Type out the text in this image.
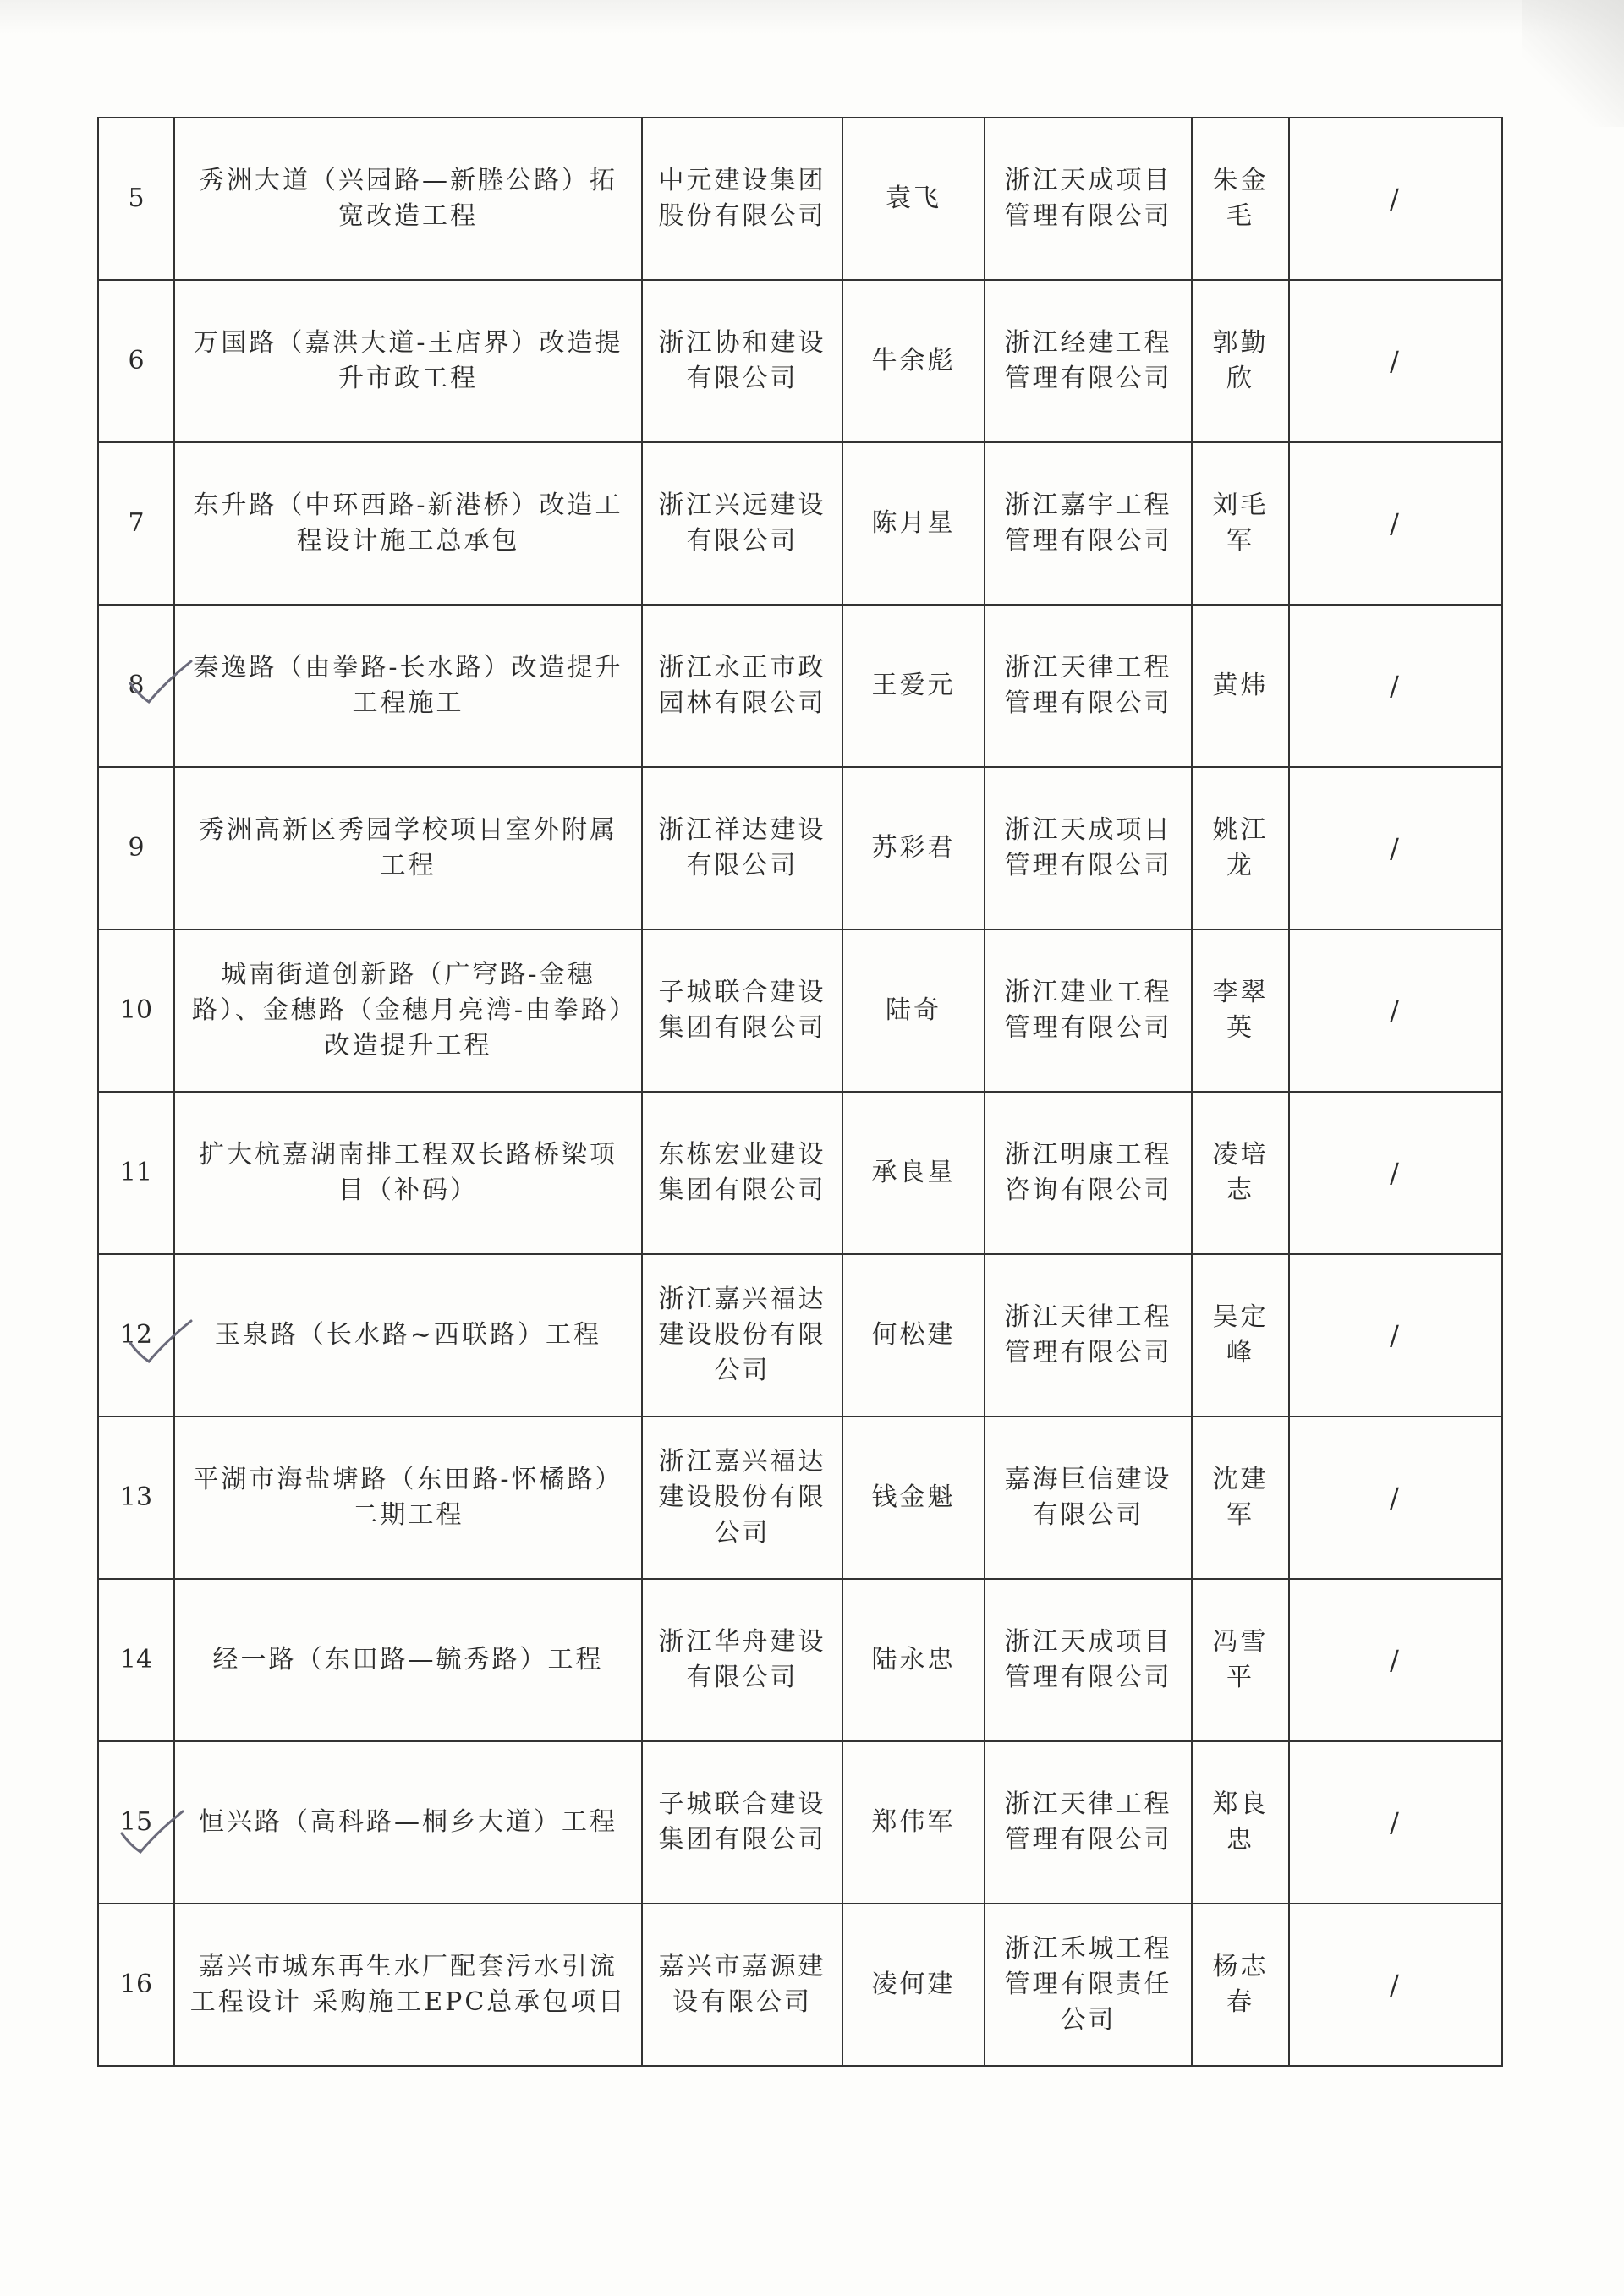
5	秀洲大道（兴园路—新塍公路）拓宽改造工程	中元建设集团股份有限公司	袁飞	浙江天成项目管理有限公司	朱金毛	/
6	万国路（嘉洪大道-王店界）改造提升市政工程	浙江协和建设有限公司	牛余彪	浙江经建工程管理有限公司	郭勤欣	/
7	东升路（中环西路-新港桥）改造工程设计施工总承包	浙江兴远建设有限公司	陈月星	浙江嘉宇工程管理有限公司	刘毛军	/
8	秦逸路（由拳路-长水路）改造提升工程施工	浙江永正市政园林有限公司	王爱元	浙江天律工程管理有限公司	黄炜	/
9	秀洲高新区秀园学校项目室外附属工程	浙江祥达建设有限公司	苏彩君	浙江天成项目管理有限公司	姚江龙	/
10	城南街道创新路（广穹路-金穗路）、金穗路（金穗月亮湾-由拳路）改造提升工程	子城联合建设集团有限公司	陆奇	浙江建业工程管理有限公司	李翠英	/
11	扩大杭嘉湖南排工程双长路桥梁项目（补码）	东栋宏业建设集团有限公司	承良星	浙江明康工程咨询有限公司	凌培志	/
12	玉泉路（长水路~西联路）工程	浙江嘉兴福达建设股份有限公司	何松建	浙江天律工程管理有限公司	吴定峰	/
13	平湖市海盐塘路（东田路-怀橘路）二期工程	浙江嘉兴福达建设股份有限公司	钱金魁	嘉海巨信建设有限公司	沈建军	/
14	经一路（东田路—毓秀路）工程	浙江华舟建设有限公司	陆永忠	浙江天成项目管理有限公司	冯雪平	/
15	恒兴路（高科路—桐乡大道）工程	子城联合建设集团有限公司	郑伟军	浙江天律工程管理有限公司	郑良忠	/
16	嘉兴市城东再生水厂配套污水引流工程设计 采购施工EPC总承包项目	嘉兴市嘉源建设有限公司	凌何建	浙江禾城工程管理有限责任公司	杨志春	/
